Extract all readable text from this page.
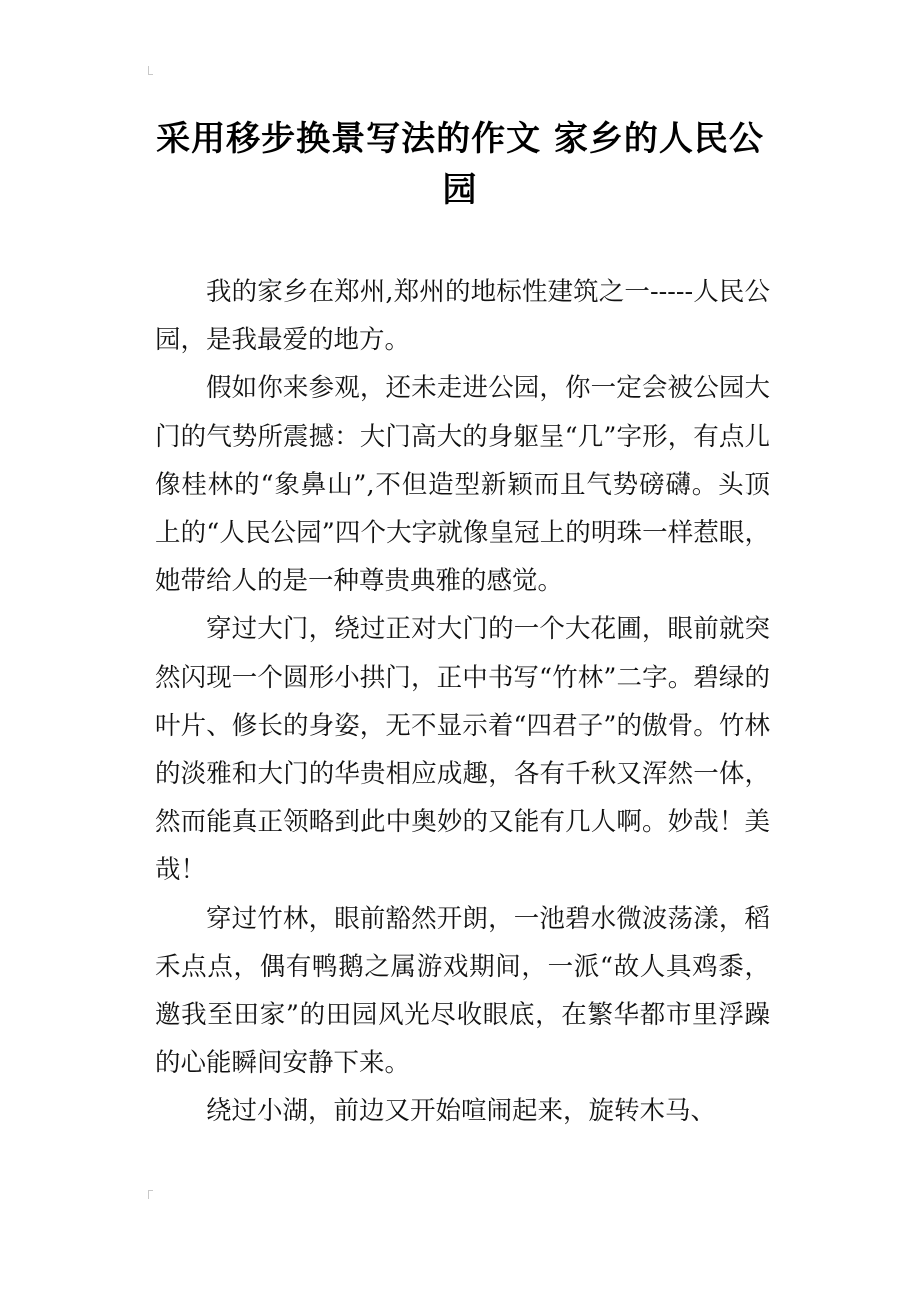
采用移步换景写法的作文 家乡的人民公园

我的家乡在郑州,郑州的地标性建筑之一-----人民公园，是我最爱的地方。

假如你来参观，还未走进公园，你一定会被公园大门的气势所震撼：大门高大的身躯呈“几”字形，有点儿像桂林的“象鼻山”,不但造型新颖而且气势磅礴。头顶上的“人民公园”四个大字就像皇冠上的明珠一样惹眼，她带给人的是一种尊贵典雅的感觉。

穿过大门，绕过正对大门的一个大花圃，眼前就突然闪现一个圆形小拱门，正中书写“竹林”二字。碧绿的叶片、修长的身姿，无不显示着“四君子”的傲骨。竹林的淡雅和大门的华贵相应成趣，各有千秋又浑然一体，然而能真正领略到此中奥妙的又能有几人啊。妙哉！美哉！

穿过竹林，眼前豁然开朗，一池碧水微波荡漾，稻禾点点，偶有鸭鹅之属游戏期间，一派“故人具鸡黍，邀我至田家”的田园风光尽收眼底，在繁华都市里浮躁的心能瞬间安静下来。

绕过小湖，前边又开始喧闹起来，旋转木马、
